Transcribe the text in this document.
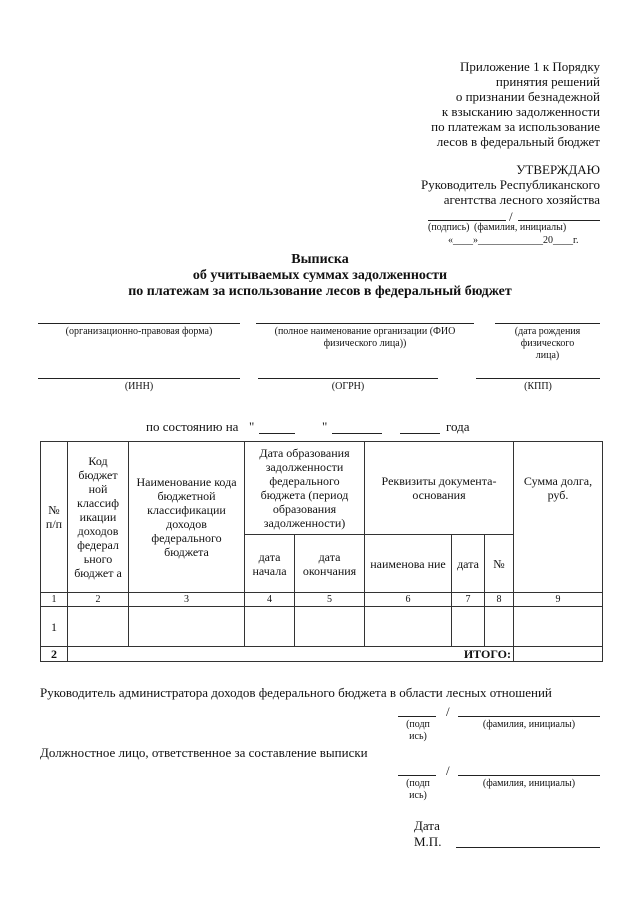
Приложение 1 к Порядку
принятия решений
о признании безнадежной
к взысканию задолженности
по платежам за использование
лесов в федеральный бюджет
УТВЕРЖДАЮ
Руководитель Республиканского
агентства лесного хозяйства
/
(подпись) (фамилия, инициалы)
«____»_____________20____г.
Выписка
об учитываемых суммах задолженности
по платежам за использование лесов в федеральный бюджет
(организационно-правовая форма)	(полное наименование организации (ФИО
физического лица))
(дата рождения
физического
лица)
(ИНН)	(ОГРН)	(КПП)
по состоянию на "	"	года
№ п/п	Код бюджет ной классиф икации доходов федерал ьного бюджет а	Наименование кода бюджетной классификации доходов федерального бюджета	Дата образования задолженности федерального бюджета (период образования задолженности)		Реквизиты документа-основания			Сумма долга, руб.
			дата начала	дата окончания	наименова ние	дата	№	
1	2	3	4	5	6	7	8	9
1								
2	ИТОГО:							
Руководитель администратора доходов федерального бюджета в области лесных отношений
/
(подп
ись)
(фамилия, инициалы)
Должностное лицо, ответственное за составление выписки
/
(подп
ись)
(фамилия, инициалы)
Дата
М.П.
